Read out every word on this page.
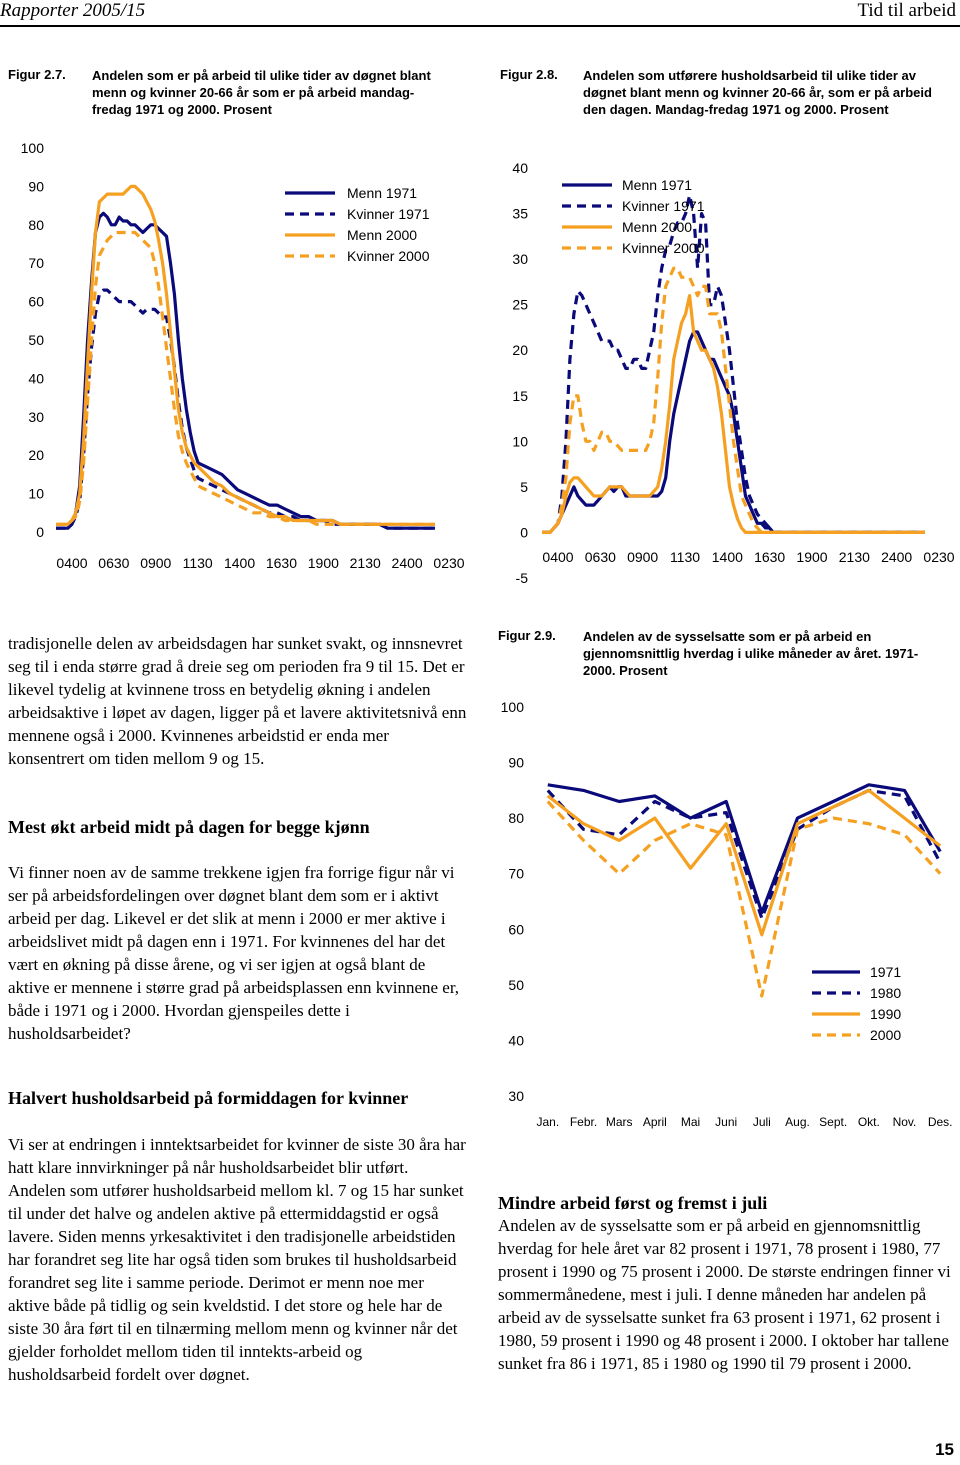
Rapporter 2005/15	Tid til arbeid
Figur 2.7. Andelen som er på arbeid til ulike tider av døgnet blant menn og kvinner 20-66 år som er på arbeid mandag-fredag 1971 og 2000. Prosent
0
10
20
30
40
50
60
70
80
90
100
0400 0630 0900 1130 1400 1630 1900 2130 2400 0230
Menn 1971
Kvinner 1971
Menn 2000
Kvinner 2000
Figur 2.8. Andelen som utførere husholdsarbeid til ulike tider av døgnet blant menn og kvinner 20-66 år, som er på arbeid den dagen. Mandag-fredag 1971 og 2000. Prosent
-5
0
5
10
15
20
25
30
35
40
0400 0630 0900 1130 1400 1630 1900 2130 2400 0230
Menn 1971
Kvinner 1971
Menn 2000
Kvinner 2000

tradisjonelle delen av arbeidsdagen har sunket svakt, og innsnevret seg til i enda større grad å dreie seg om perioden fra 9 til 15. Det er likevel tydelig at kvinnene tross en betydelig økning i andelen arbeidsaktive i løpet av dagen, ligger på et lavere aktivitetsnivå enn mennene også i 2000. Kvinnenes arbeidstid er enda mer konsentrert om tiden mellom 9 og 15.

Mest økt arbeid midt på dagen for begge kjønn

Vi finner noen av de samme trekkene igjen fra forrige figur når vi ser på arbeidsfordelingen over døgnet blant dem som er i aktivt arbeid per dag. Likevel er det slik at menn i 2000 er mer aktive i arbeidslivet midt på dagen enn i 1971. For kvinnenes del har det vært en økning på disse årene, og vi ser igjen at også blant de aktive er mennene i større grad på arbeidsplassen enn kvinnene er, både i 1971 og i 2000. Hvordan gjenspeiles dette i husholdsarbeidet?

Halvert husholdsarbeid på formiddagen for kvinner

Vi ser at endringen i inntektsarbeidet for kvinner de siste 30 åra har hatt klare innvirkninger på når husholdsarbeidet blir utført. Andelen som utfører husholdsarbeid mellom kl. 7 og 15 har sunket til under det halve og andelen aktive på ettermiddagstid er også lavere. Siden menns yrkesaktivitet i den tradisjonelle arbeidstiden har forandret seg lite har også tiden som brukes til husholdsarbeid forandret seg lite i samme periode. Derimot er menn noe mer aktive både på tidlig og sein kveldstid. I det store og hele har de siste 30 åra ført til en tilnærming mellom menn og kvinner når det gjelder forholdet mellom tiden til inntekts-arbeid og husholdsarbeid fordelt over døgnet.

Figur 2.9. Andelen av de sysselsatte som er på arbeid en gjennomsnittlig hverdag i ulike måneder av året. 1971-2000. Prosent
30
40
50
60
70
80
90
100
Jan. Febr. Mars April Mai Juni Juli Aug. Sept. Okt. Nov. Des.
1971
1980
1990
2000

Mindre arbeid først og fremst i juli

Andelen av de sysselsatte som er på arbeid en gjennomsnittlig hverdag for hele året var 82 prosent i 1971, 78 prosent i 1980, 77 prosent i 1990 og 75 prosent i 2000. De største endringen finner vi sommermånedene, mest i juli. I denne måneden har andelen på arbeid av de sysselsatte sunket fra 63 prosent i 1971, 62 prosent i 1980, 59 prosent i 1990 og 48 prosent i 2000. I oktober har tallene sunket fra 86 i 1971, 85 i 1980 og 1990 til 79 prosent i 2000.

15
